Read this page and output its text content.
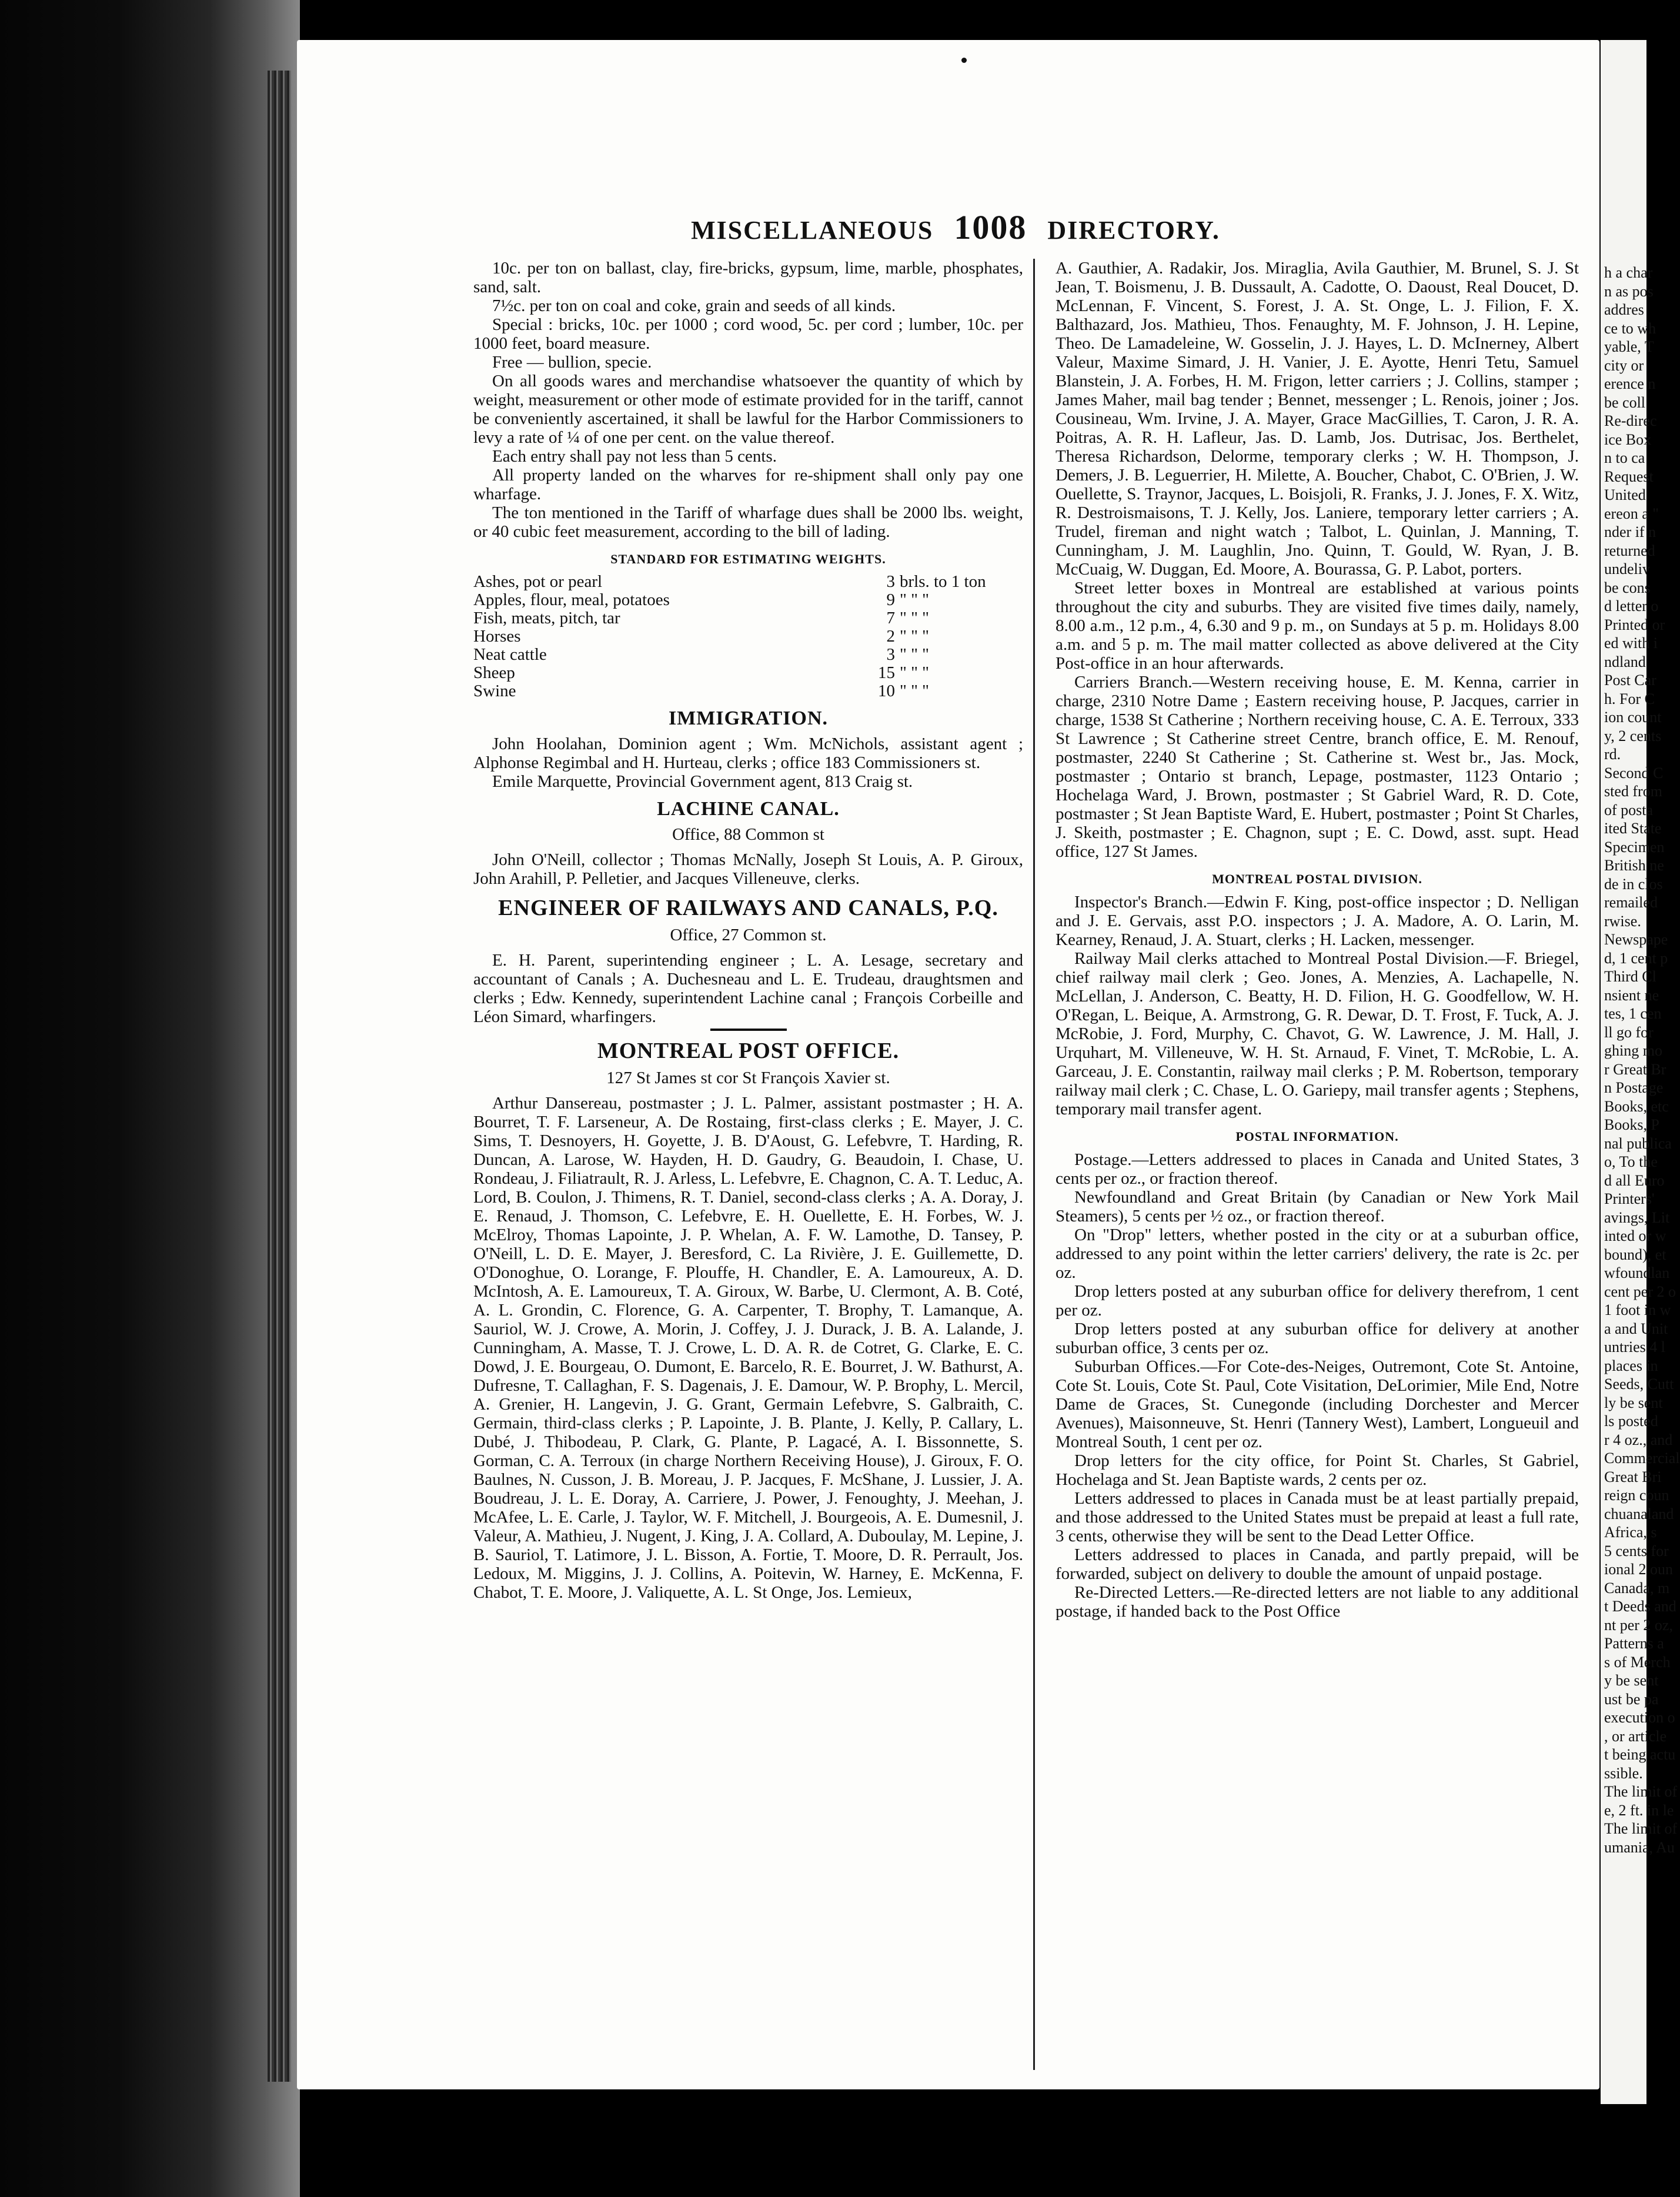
MISCELLANEOUS 1008 DIRECTORY.

10c. per ton on ballast, clay, fire-bricks, gypsum, lime, marble, phosphates, sand, salt.

7½c. per ton on coal and coke, grain and seeds of all kinds.

Special : bricks, 10c. per 1000 ; cord wood, 5c. per cord ; lumber, 10c. per 1000 feet, board measure.

Free — bullion, specie.

On all goods wares and merchandise whatsoever the quantity of which by weight, measurement or other mode of estimate provided for in the tariff, cannot be conveniently ascertained, it shall be lawful for the Harbor Commissioners to levy a rate of ¼ of one per cent. on the value thereof.

Each entry shall pay not less than 5 cents.

All property landed on the wharves for re-shipment shall only pay one wharfage.

The ton mentioned in the Tariff of wharfage dues shall be 2000 lbs. weight, or 40 cubic feet measurement, according to the bill of lading.

STANDARD FOR ESTIMATING WEIGHTS.
Ashes, pot or pearl	3	brls. to 1 ton
Apples, flour, meal, potatoes	9	" " "
Fish, meats, pitch, tar	7	" " "
Horses	2	" " "
Neat cattle	3	" " "
Sheep	15	" " "
Swine	10	" " "
IMMIGRATION.

John Hoolahan, Dominion agent ; Wm. McNichols, assistant agent ; Alphonse Regimbal and H. Hurteau, clerks ; office 183 Commissioners st.

Emile Marquette, Provincial Government agent, 813 Craig st.

LACHINE CANAL.
Office, 88 Common st

John O'Neill, collector ; Thomas McNally, Joseph St Louis, A. P. Giroux, John Arahill, P. Pelletier, and Jacques Villeneuve, clerks.

ENGINEER OF RAILWAYS AND CANALS, P.Q.
Office, 27 Common st.

E. H. Parent, superintending engineer ; L. A. Lesage, secretary and accountant of Canals ; A. Duchesneau and L. E. Trudeau, draughtsmen and clerks ; Edw. Kennedy, superintendent Lachine canal ; François Corbeille and Léon Simard, wharfingers.

MONTREAL POST OFFICE.
127 St James st cor St François Xavier st.

Arthur Dansereau, postmaster ; J. L. Palmer, assistant postmaster ; H. A. Bourret, T. F. Larseneur, A. De Rostaing, first-class clerks ; E. Mayer, J. C. Sims, T. Desnoyers, H. Goyette, J. B. D'Aoust, G. Lefebvre, T. Harding, R. Duncan, A. Larose, W. Hayden, H. D. Gaudry, G. Beaudoin, I. Chase, U. Rondeau, J. Filiatrault, R. J. Arless, L. Lefebvre, E. Chagnon, C. A. T. Leduc, A. Lord, B. Coulon, J. Thimens, R. T. Daniel, second-class clerks ; A. A. Doray, J. E. Renaud, J. Thomson, C. Lefebvre, E. H. Ouellette, E. H. Forbes, W. J. McElroy, Thomas Lapointe, J. P. Whelan, A. F. W. Lamothe, D. Tansey, P. O'Neill, L. D. E. Mayer, J. Beresford, C. La Rivière, J. E. Guillemette, D. O'Donoghue, O. Lorange, F. Plouffe, H. Chandler, E. A. Lamoureux, A. D. McIntosh, A. E. Lamoureux, T. A. Giroux, W. Barbe, U. Clermont, A. B. Coté, A. L. Grondin, C. Florence, G. A. Carpenter, T. Brophy, T. Lamanque, A. Sauriol, W. J. Crowe, A. Morin, J. Coffey, J. J. Durack, J. B. A. Lalande, J. Cunningham, A. Masse, T. J. Crowe, L. D. A. R. de Cotret, G. Clarke, E. C. Dowd, J. E. Bourgeau, O. Dumont, E. Barcelo, R. E. Bourret, J. W. Bathurst, A. Dufresne, T. Callaghan, F. S. Dagenais, J. E. Damour, W. P. Brophy, L. Mercil, A. Grenier, H. Langevin, J. G. Grant, Germain Lefebvre, S. Galbraith, C. Germain, third-class clerks ; P. Lapointe, J. B. Plante, J. Kelly, P. Callary, L. Dubé, J. Thibodeau, P. Clark, G. Plante, P. Lagacé, A. I. Bissonnette, S. Gorman, C. A. Terroux (in charge Northern Receiving House), J. Giroux, F. O. Baulnes, N. Cusson, J. B. Moreau, J. P. Jacques, F. McShane, J. Lussier, J. A. Boudreau, J. L. E. Doray, A. Carriere, J. Power, J. Fenoughty, J. Meehan, J. McAfee, L. E. Carle, J. Taylor, W. F. Mitchell, J. Bourgeois, A. E. Dumesnil, J. Valeur, A. Mathieu, J. Nugent, J. King, J. A. Collard, A. Duboulay, M. Lepine, J. B. Sauriol, T. Latimore, J. L. Bisson, A. Fortie, T. Moore, D. R. Perrault, Jos. Ledoux, M. Miggins, J. J. Collins, A. Poitevin, W. Harney, E. McKenna, F. Chabot, T. E. Moore, J. Valiquette, A. L. St Onge, Jos. Lemieux,

A. Gauthier, A. Radakir, Jos. Miraglia, Avila Gauthier, M. Brunel, S. J. St Jean, T. Boismenu, J. B. Dussault, A. Cadotte, O. Daoust, Real Doucet, D. McLennan, F. Vincent, S. Forest, J. A. St. Onge, L. J. Filion, F. X. Balthazard, Jos. Mathieu, Thos. Fenaughty, M. F. Johnson, J. H. Lepine, Theo. De Lamadeleine, W. Gosselin, J. J. Hayes, L. D. McInerney, Albert Valeur, Maxime Simard, J. H. Vanier, J. E. Ayotte, Henri Tetu, Samuel Blanstein, J. A. Forbes, H. M. Frigon, letter carriers ; J. Collins, stamper ; James Maher, mail bag tender ; Bennet, messenger ; L. Renois, joiner ; Jos. Cousineau, Wm. Irvine, J. A. Mayer, Grace MacGillies, T. Caron, J. R. A. Poitras, A. R. H. Lafleur, Jas. D. Lamb, Jos. Dutrisac, Jos. Berthelet, Theresa Richardson, Delorme, temporary clerks ; W. H. Thompson, J. Demers, J. B. Leguerrier, H. Milette, A. Boucher, Chabot, C. O'Brien, J. W. Ouellette, S. Traynor, Jacques, L. Boisjoli, R. Franks, J. J. Jones, F. X. Witz, R. Destroismaisons, T. J. Kelly, Jos. Laniere, temporary letter carriers ; A. Trudel, fireman and night watch ; Talbot, L. Quinlan, J. Manning, T. Cunningham, J. M. Laughlin, Jno. Quinn, T. Gould, W. Ryan, J. B. McCuaig, W. Duggan, Ed. Moore, A. Bourassa, G. P. Labot, porters.

Street letter boxes in Montreal are established at various points throughout the city and suburbs. They are visited five times daily, namely, 8.00 a.m., 12 p.m., 4, 6.30 and 9 p. m., on Sundays at 5 p. m. Holidays 8.00 a.m. and 5 p. m. The mail matter collected as above delivered at the City Post-office in an hour afterwards.

Carriers Branch.—Western receiving house, E. M. Kenna, carrier in charge, 2310 Notre Dame ; Eastern receiving house, P. Jacques, carrier in charge, 1538 St Catherine ; Northern receiving house, C. A. E. Terroux, 333 St Lawrence ; St Catherine street Centre, branch office, E. M. Renouf, postmaster, 2240 St Catherine ; St. Catherine st. West br., Jas. Mock, postmaster ; Ontario st branch, Lepage, postmaster, 1123 Ontario ; Hochelaga Ward, J. Brown, postmaster ; St Gabriel Ward, R. D. Cote, postmaster ; St Jean Baptiste Ward, E. Hubert, postmaster ; Point St Charles, J. Skeith, postmaster ; E. Chagnon, supt ; E. C. Dowd, asst. supt. Head office, 127 St James.

MONTREAL POSTAL DIVISION.

Inspector's Branch.—Edwin F. King, post-office inspector ; D. Nelligan and J. E. Gervais, asst P.O. inspectors ; J. A. Madore, A. O. Larin, M. Kearney, Renaud, J. A. Stuart, clerks ; H. Lacken, messenger.

Railway Mail clerks attached to Montreal Postal Division.—F. Briegel, chief railway mail clerk ; Geo. Jones, A. Menzies, A. Lachapelle, N. McLellan, J. Anderson, C. Beatty, H. D. Filion, H. G. Goodfellow, W. H. O'Regan, L. Beique, A. Armstrong, G. R. Dewar, D. T. Frost, F. Tuck, A. J. McRobie, J. Ford, Murphy, C. Chavot, G. W. Lawrence, J. M. Hall, J. Urquhart, M. Villeneuve, W. H. St. Arnaud, F. Vinet, T. McRobie, L. A. Garceau, J. E. Constantin, railway mail clerks ; P. M. Robertson, temporary railway mail clerk ; C. Chase, L. O. Gariepy, mail transfer agents ; Stephens, temporary mail transfer agent.

POSTAL INFORMATION.

Postage.—Letters addressed to places in Canada and United States, 3 cents per oz., or fraction thereof.

Newfoundland and Great Britain (by Canadian or New York Mail Steamers), 5 cents per ½ oz., or fraction thereof.

On "Drop" letters, whether posted in the city or at a suburban office, addressed to any point within the letter carriers' delivery, the rate is 2c. per oz.

Drop letters posted at any suburban office for delivery therefrom, 1 cent per oz.

Drop letters posted at any suburban office for delivery at another suburban office, 3 cents per oz.

Suburban Offices.—For Cote-des-Neiges, Outremont, Cote St. Antoine, Cote St. Louis, Cote St. Paul, Cote Visitation, DeLorimier, Mile End, Notre Dame de Graces, St. Cunegonde (including Dorchester and Mercer Avenues), Maisonneuve, St. Henri (Tannery West), Lambert, Longueuil and Montreal South, 1 cent per oz.

Drop letters for the city office, for Point St. Charles, St Gabriel, Hochelaga and St. Jean Baptiste wards, 2 cents per oz.

Letters addressed to places in Canada must be at least partially prepaid, and those addressed to the United States must be prepaid at least a full rate, 3 cents, otherwise they will be sent to the Dead Letter Office.

Letters addressed to places in Canada, and partly prepaid, will be forwarded, subject on delivery to double the amount of unpaid postage.

Re-Directed Letters.—Re-directed letters are not liable to any additional postage, if handed back to the Post Office

h a char
n as pos
addres
ce to wh
yable, T
city or
erence n
be coll
Re-direc
ice Box
n to ca
Request
United
ereon a "
nder if n
returned
undeliv
be cons
d letter o
Printed or
ed with i
ndland
Post Car
h. For C
ion count
y, 2 cents
rd.
Second C
sted from
of posta
ited State
Specimen
British ne
de in clos
remailed
rwise.
Newspape
d, 1 cent p
Third Cl
nsient ne
tes, 1 cen
ll go for
ghing mo
r Great Br
n Postage
Books, etc
Books, P
nal publica
o, To the
d all Euro
Printers'
avings, Lit
inted or w
bound), et
wfoundlan
cent per 2 o
1 foot in w
a and Unit
untries 4 l
places in
Seeds, Cutt
ly be sent
ls posted
r 4 oz., and
Commercial
Great Bri
reign coun
chuanaland
Africa, s
5 cents for
ional 2 oun
Canada, m
t Deeds and
nt per 2 oz,
Patterns a
s of Merch
y be sent
ust be pa
execution o
, or article
t being actu
ssible.
The limit of
e, 2 ft. in le
The limit of
umania, Au
